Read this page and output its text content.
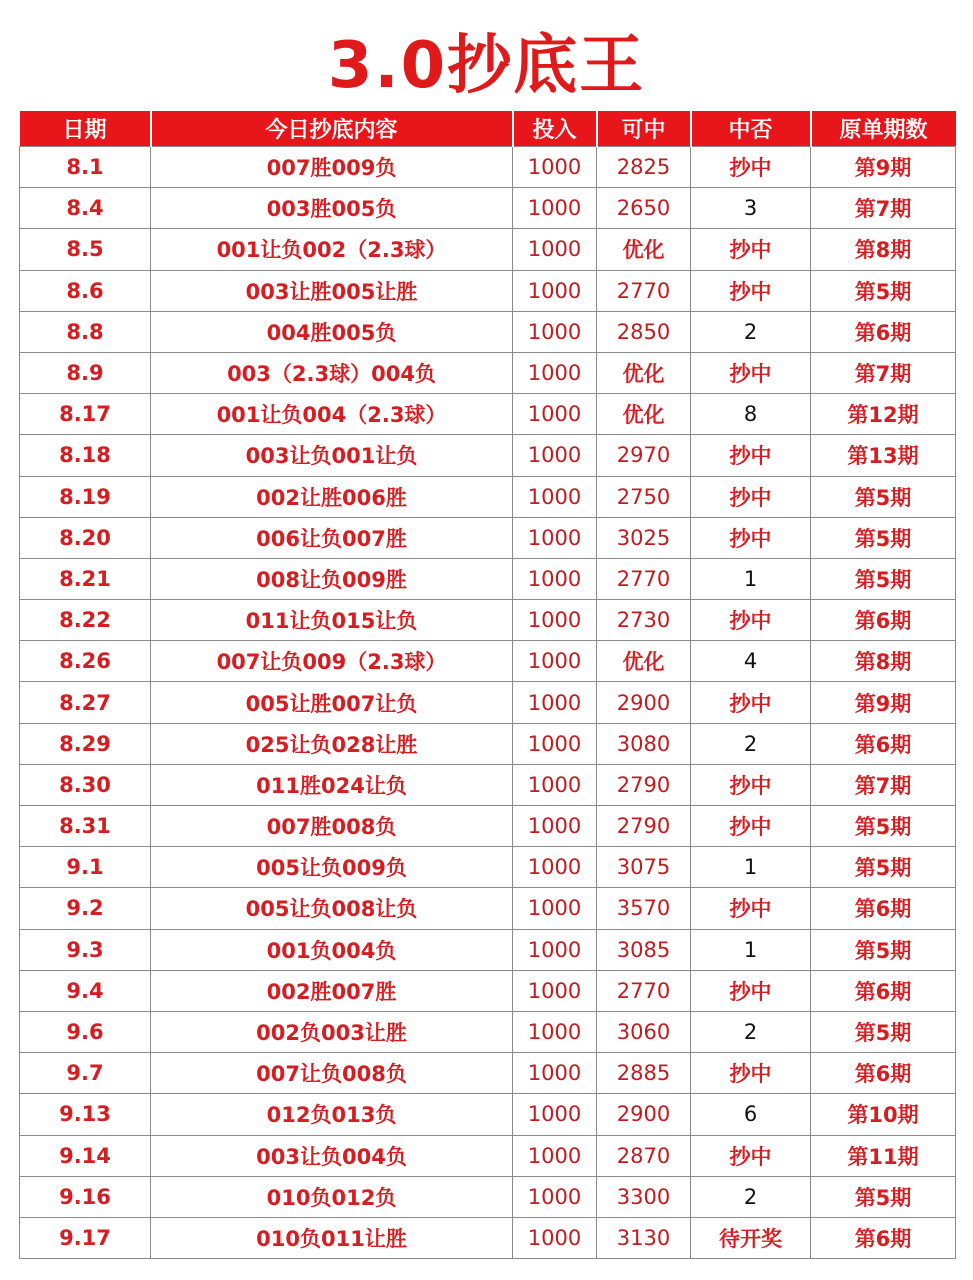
3.0抄底王
日期	今日抄底内容	投入	可中	中否	原单期数
8.1	007胜009负	1000	2825	抄中	第9期
8.4	003胜005负	1000	2650	3	第7期
8.5	001让负002（2.3球）	1000	优化	抄中	第8期
8.6	003让胜005让胜	1000	2770	抄中	第5期
8.8	004胜005负	1000	2850	2	第6期
8.9	003（2.3球）004负	1000	优化	抄中	第7期
8.17	001让负004（2.3球）	1000	优化	8	第12期
8.18	003让负001让负	1000	2970	抄中	第13期
8.19	002让胜006胜	1000	2750	抄中	第5期
8.20	006让负007胜	1000	3025	抄中	第5期
8.21	008让负009胜	1000	2770	1	第5期
8.22	011让负015让负	1000	2730	抄中	第6期
8.26	007让负009（2.3球）	1000	优化	4	第8期
8.27	005让胜007让负	1000	2900	抄中	第9期
8.29	025让负028让胜	1000	3080	2	第6期
8.30	011胜024让负	1000	2790	抄中	第7期
8.31	007胜008负	1000	2790	抄中	第5期
9.1	005让负009负	1000	3075	1	第5期
9.2	005让负008让负	1000	3570	抄中	第6期
9.3	001负004负	1000	3085	1	第5期
9.4	002胜007胜	1000	2770	抄中	第6期
9.6	002负003让胜	1000	3060	2	第5期
9.7	007让负008负	1000	2885	抄中	第6期
9.13	012负013负	1000	2900	6	第10期
9.14	003让负004负	1000	2870	抄中	第11期
9.16	010负012负	1000	3300	2	第5期
9.17	010负011让胜	1000	3130	待开奖	第6期
